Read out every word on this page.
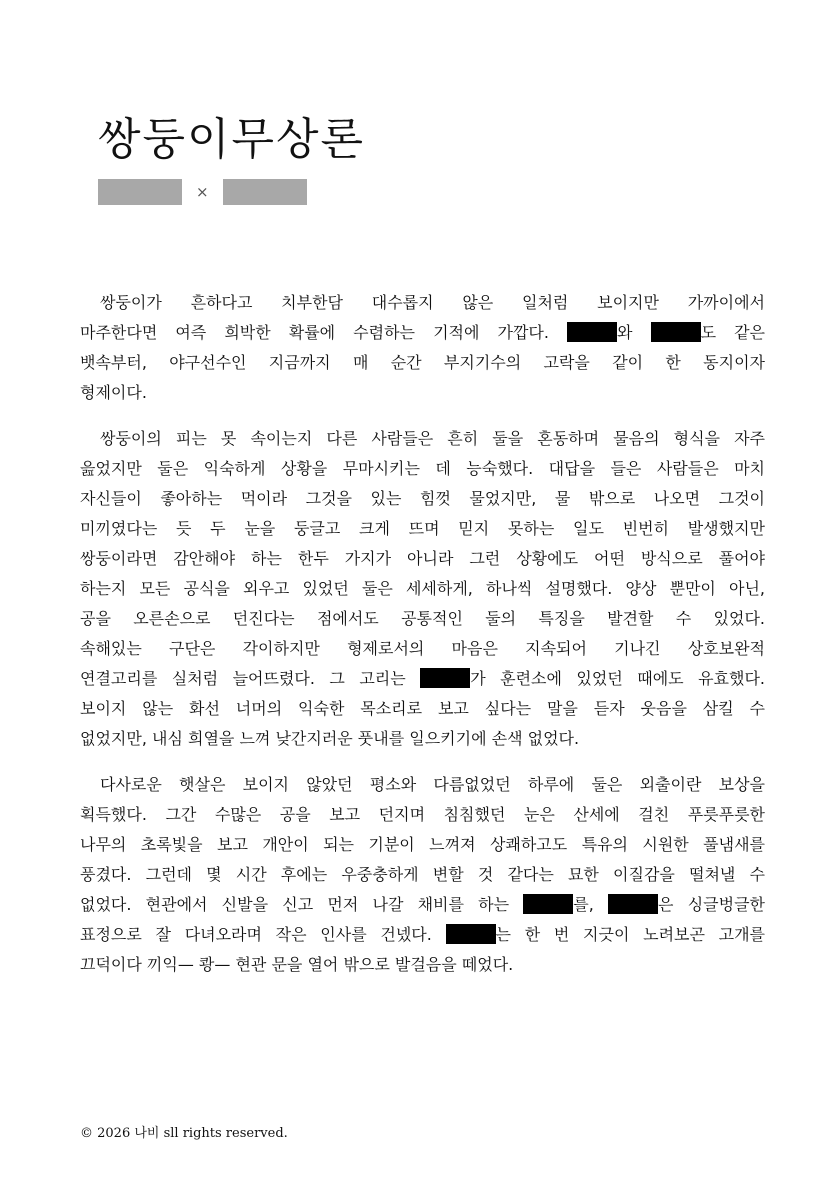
쌍둥이무상론
×

쌍둥이가 흔하다고 치부한담 대수롭지 않은 일처럼 보이지만 가까이에서

마주한다면 여즉 희박한 확률에 수렴하는 기적에 가깝다.	와	도 같은

뱃속부터, 야구선수인 지금까지 매 순간 부지기수의 고락을 같이 한 동지이자

형제이다.

쌍둥이의 피는 못 속이는지 다른 사람들은 흔히 둘을 혼동하며 물음의 형식을 자주

읊었지만 둘은 익숙하게 상황을 무마시키는 데 능숙했다. 대답을 들은 사람들은 마치

자신들이 좋아하는 먹이라 그것을 있는 힘껏 물었지만, 물 밖으로 나오면 그것이

미끼였다는 듯 두 눈을 둥글고 크게 뜨며 믿지 못하는 일도 빈번히 발생했지만

쌍둥이라면 감안해야 하는 한두 가지가 아니라 그런 상황에도 어떤 방식으로 풀어야

하는지 모든 공식을 외우고 있었던 둘은 세세하게, 하나씩 설명했다. 양상 뿐만이 아닌,

공을 오른손으로 던진다는 점에서도 공통적인 둘의 특징을 발견할 수 있었다.

속해있는 구단은 각이하지만 형제로서의 마음은 지속되어 기나긴 상호보완적

연결고리를 실처럼 늘어뜨렸다. 그 고리는	가 훈련소에 있었던 때에도 유효했다.

보이지 않는 화선 너머의 익숙한 목소리로 보고 싶다는 말을 듣자 웃음을 삼킬 수

없었지만, 내심 희열을 느껴 낮간지러운 풋내를 일으키기에 손색 없었다.

다사로운 햇살은 보이지 않았던 평소와 다름없었던 하루에 둘은 외출이란 보상을

획득했다. 그간 수많은 공을 보고 던지며 침침했던 눈은 산세에 걸친 푸릇푸릇한

나무의 초록빛을 보고 개안이 되는 기분이 느껴져 상쾌하고도 특유의 시원한 풀냄새를

풍겼다. 그런데 몇 시간 후에는 우중충하게 변할 것 같다는 묘한 이질감을 떨쳐낼 수

없었다. 현관에서 신발을 신고 먼저 나갈 채비를 하는	를,	은 싱글벙글한

표정으로 잘 다녀오라며 작은 인사를 건넸다.	는 한 번 지긋이 노려보곤 고개를

끄덕이다 끼익— 쾅— 현관 문을 열어 밖으로 발걸음을 떼었다.

© 2026 나비 sll rights reserved.
